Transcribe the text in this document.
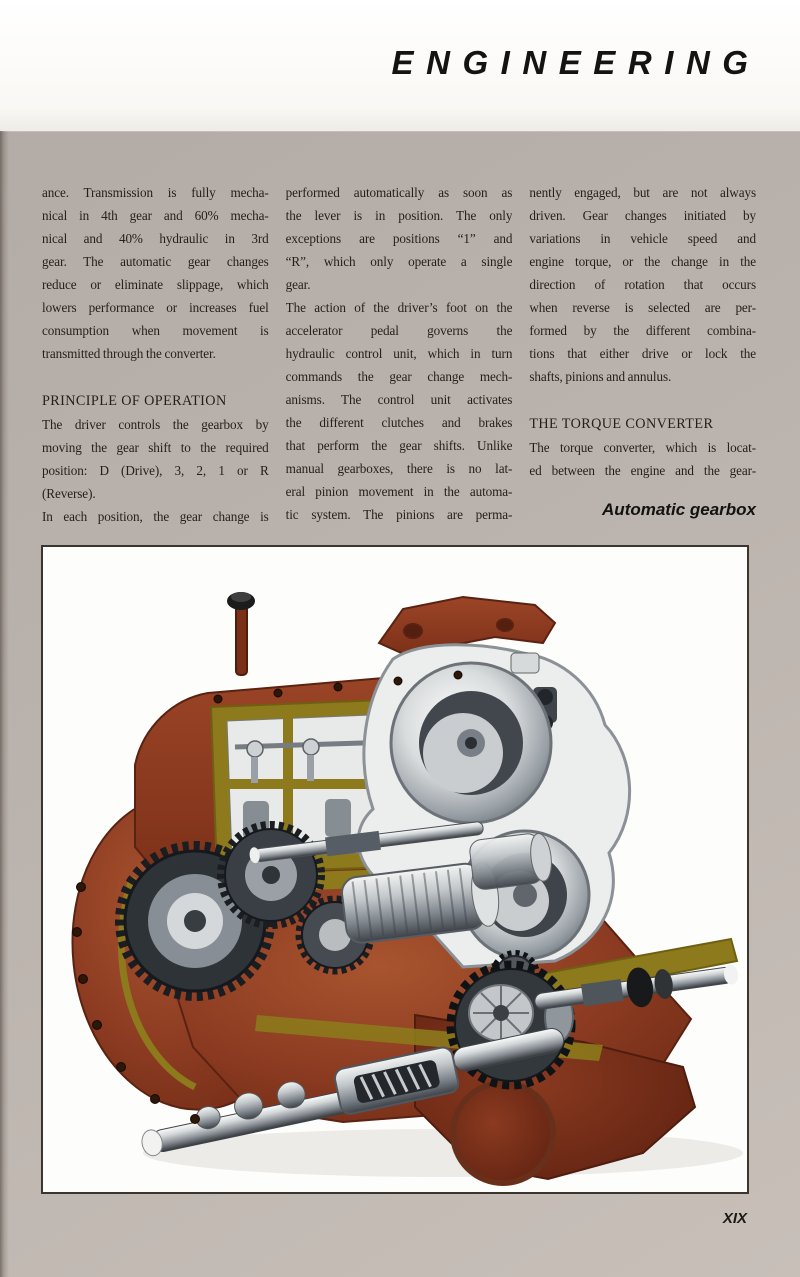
ENGINEERING
ance. Transmission is fully mecha-
nical in 4th gear and 60% mecha-
nical and 40% hydraulic in 3rd
gear. The automatic gear changes
reduce or eliminate slippage, which
lowers performance or increases fuel
consumption when movement is
transmitted through the converter.
PRINCIPLE OF OPERATION
The driver controls the gearbox by
moving the gear shift to the required
position: D (Drive), 3, 2, 1 or R
(Reverse).
In each position, the gear change is
performed automatically as soon as
the lever is in position. The only
exceptions are positions “1” and
“R”, which only operate a single
gear.
The action of the driver’s foot on the
accelerator pedal governs the
hydraulic control unit, which in turn
commands the gear change mech-
anisms. The control unit activates
the different clutches and brakes
that perform the gear shifts. Unlike
manual gearboxes, there is no lat-
eral pinion movement in the automa-
tic system. The pinions are perma-
nently engaged, but are not always
driven. Gear changes initiated by
variations in vehicle speed and
engine torque, or the change in the
direction of rotation that occurs
when reverse is selected are per-
formed by the different combina-
tions that either drive or lock the
shafts, pinions and annulus.
THE TORQUE CONVERTER
The torque converter, which is locat-
ed between the engine and the gear-
Automatic gearbox
XIX
